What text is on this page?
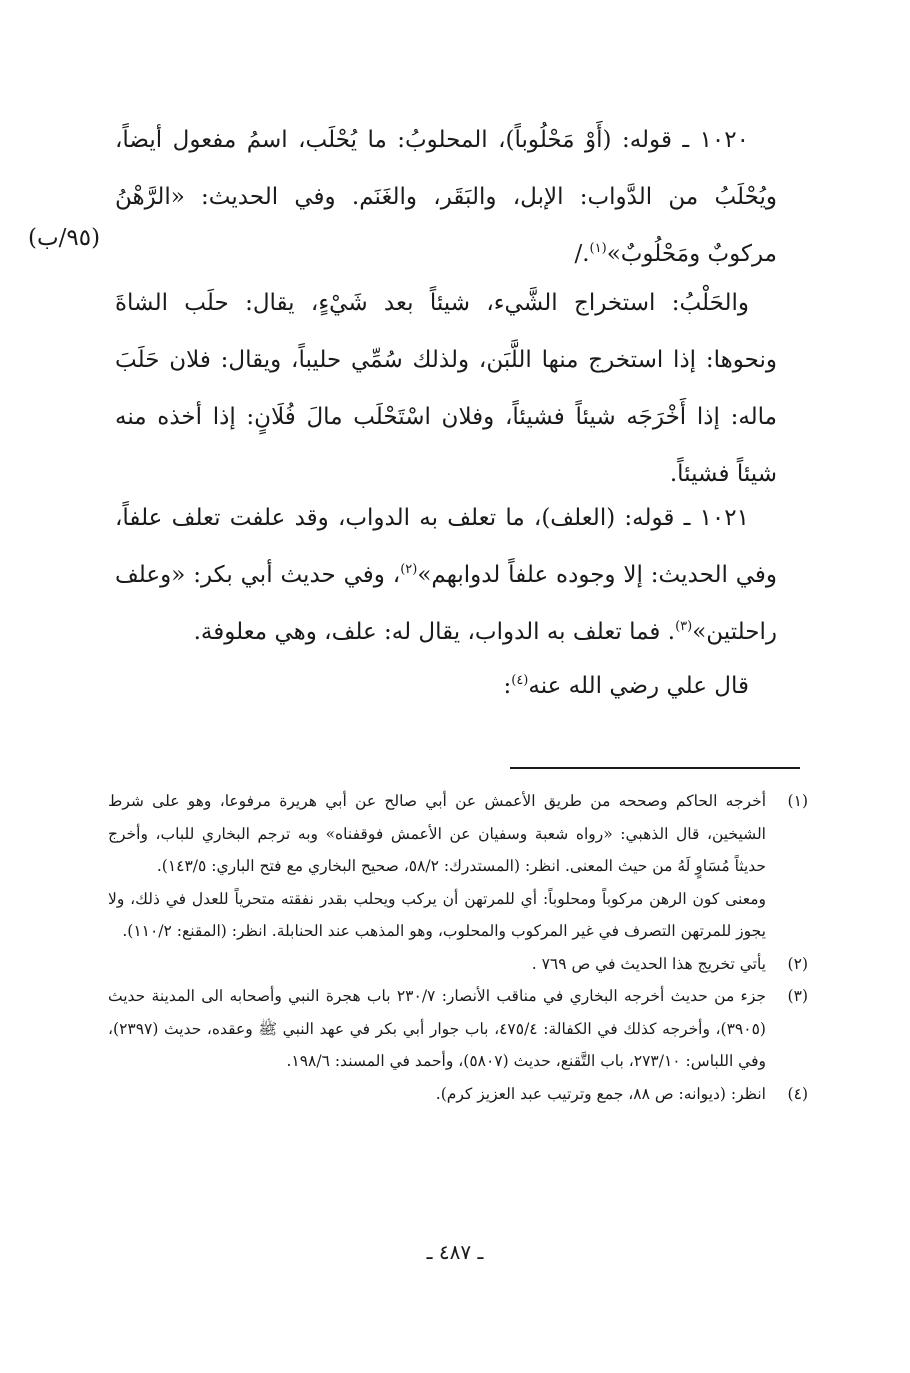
(٩٥/ب)

١٠٢٠ ـ قوله: (أَوْ مَحْلُوباً)، المحلوبُ: ما يُحْلَب، اسمُ مفعول أيضاً، ويُحْلَبُ من الدَّواب: الإبل، والبَقَر، والغَنَم. وفي الحديث: «الرَّهْنُ مركوبٌ ومَحْلُوبٌ»$^{(١)}$./

والحَلْبُ: استخراج الشَّيء، شيئاً بعد شَيْءٍ، يقال: حلَب الشاةَ ونحوها: إذا استخرج منها اللَّبَن، ولذلك سُمِّي حليباً، ويقال: فلان حَلَبَ ماله: إذا أَخْرَجَه شيئاً فشيئاً، وفلان اسْتَحْلَب مالَ فُلَانٍ: إذا أخذه منه شيئاً فشيئاً.

١٠٢١ ـ قوله: (العلف)، ما تعلف به الدواب، وقد علفت تعلف علفاً، وفي الحديث: إلا وجوده علفاً لدوابهم»$^{(٢)}$، وفي حديث أبي بكر: «وعلف راحلتين»$^{(٣)}$. فما تعلف به الدواب، يقال له: علف، وهي معلوفة.

قال علي رضي الله عنه$^{(٤)}$:

(١)
أخرجه الحاكم وصححه من طريق الأعمش عن أبي صالح عن أبي هريرة مرفوعا، وهو على شرط الشيخين، قال الذهبي: «رواه شعبة وسفيان عن الأعمش فوقفناه» وبه ترجم البخاري للباب، وأخرج حديثاً مُسَاوٍ لَهُ من حيث المعنى. انظر: (المستدرك: ٥٨/٢، صحيح البخاري مع فتح الباري: ١٤٣/٥).
ومعنى كون الرهن مركوباً ومحلوباً: أي للمرتهن أن يركب ويحلب بقدر نفقته متحرياً للعدل في ذلك، ولا يجوز للمرتهن التصرف في غير المركوب والمحلوب، وهو المذهب عند الحنابلة. انظر: (المقنع: ١١٠/٢).
(٢)
يأتي تخريج هذا الحديث في ص ٧٦٩ .
(٣)
جزء من حديث أخرجه البخاري في مناقب الأنصار: ٢٣٠/٧ باب هجرة النبي وأصحابه الى المدينة حديث (٣٩٠٥)، وأخرجه كذلك في الكفالة: ٤٧٥/٤، باب جوار أبي بكر في عهد النبي ﷺ وعقده، حديث (٢٣٩٧)، وفي اللباس: ٢٧٣/١٠، باب التَّقنع، حديث (٥٨٠٧)، وأحمد في المسند: ١٩٨/٦.
(٤)
انظر: (ديوانه: ص ٨٨، جمع وترتيب عبد العزيز كرم).
ـ ٤٨٧ ـ
